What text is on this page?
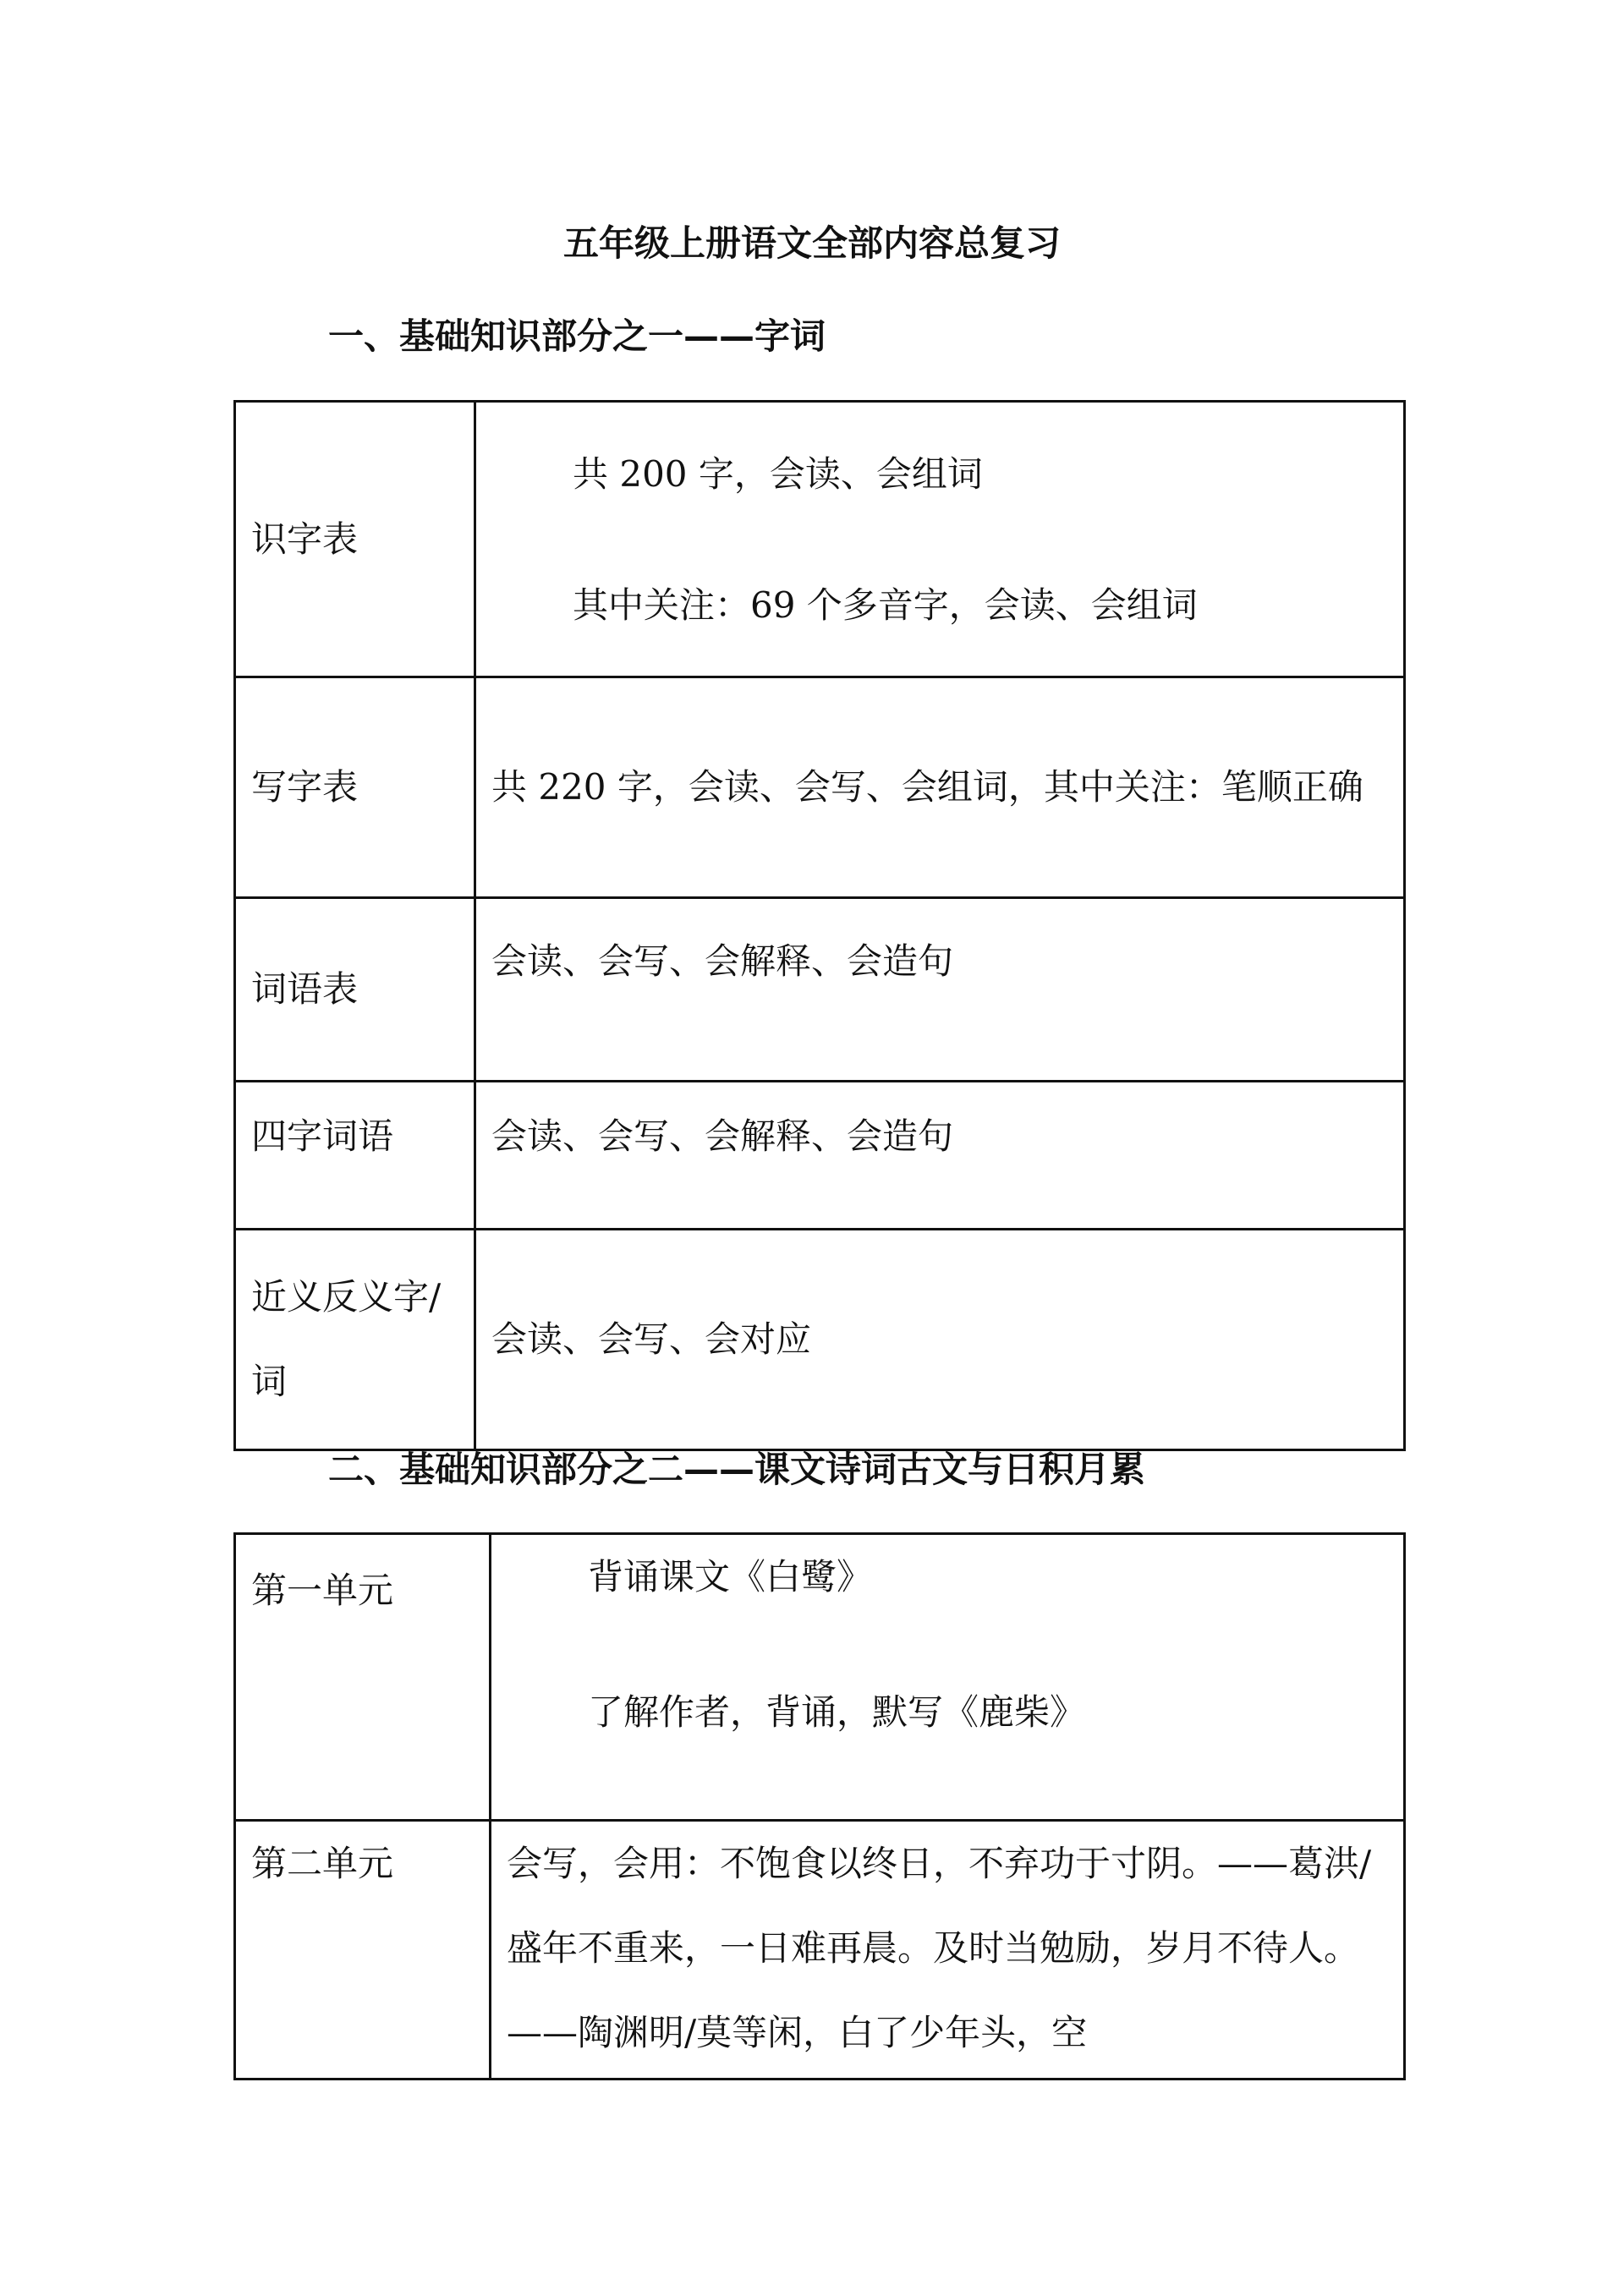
五年级上册语文全部内容总复习
一、基础知识部分之一——字词
识字表	共 200 字，会读、会组词
其中关注：69 个多音字，会读、会组词

写字表	共 220 字，会读、会写、会组词，其中关注：笔顺正确
词语表	会读、会写、会解释、会造句
四字词语	会读、会写、会解释、会造句
近义反义字/词	会读、会写、会对应
二、基础知识部分之二——课文诗词古文与日积月累
第一单元	背诵课文《白鹭》
了解作者，背诵，默写《鹿柴》

第二单元	会写，会用：不饱食以终日，不弃功于寸阴。——葛洪/盛年不重来，一日难再晨。及时当勉励，岁月不待人。——陶渊明/莫等闲，白了少年头，空
